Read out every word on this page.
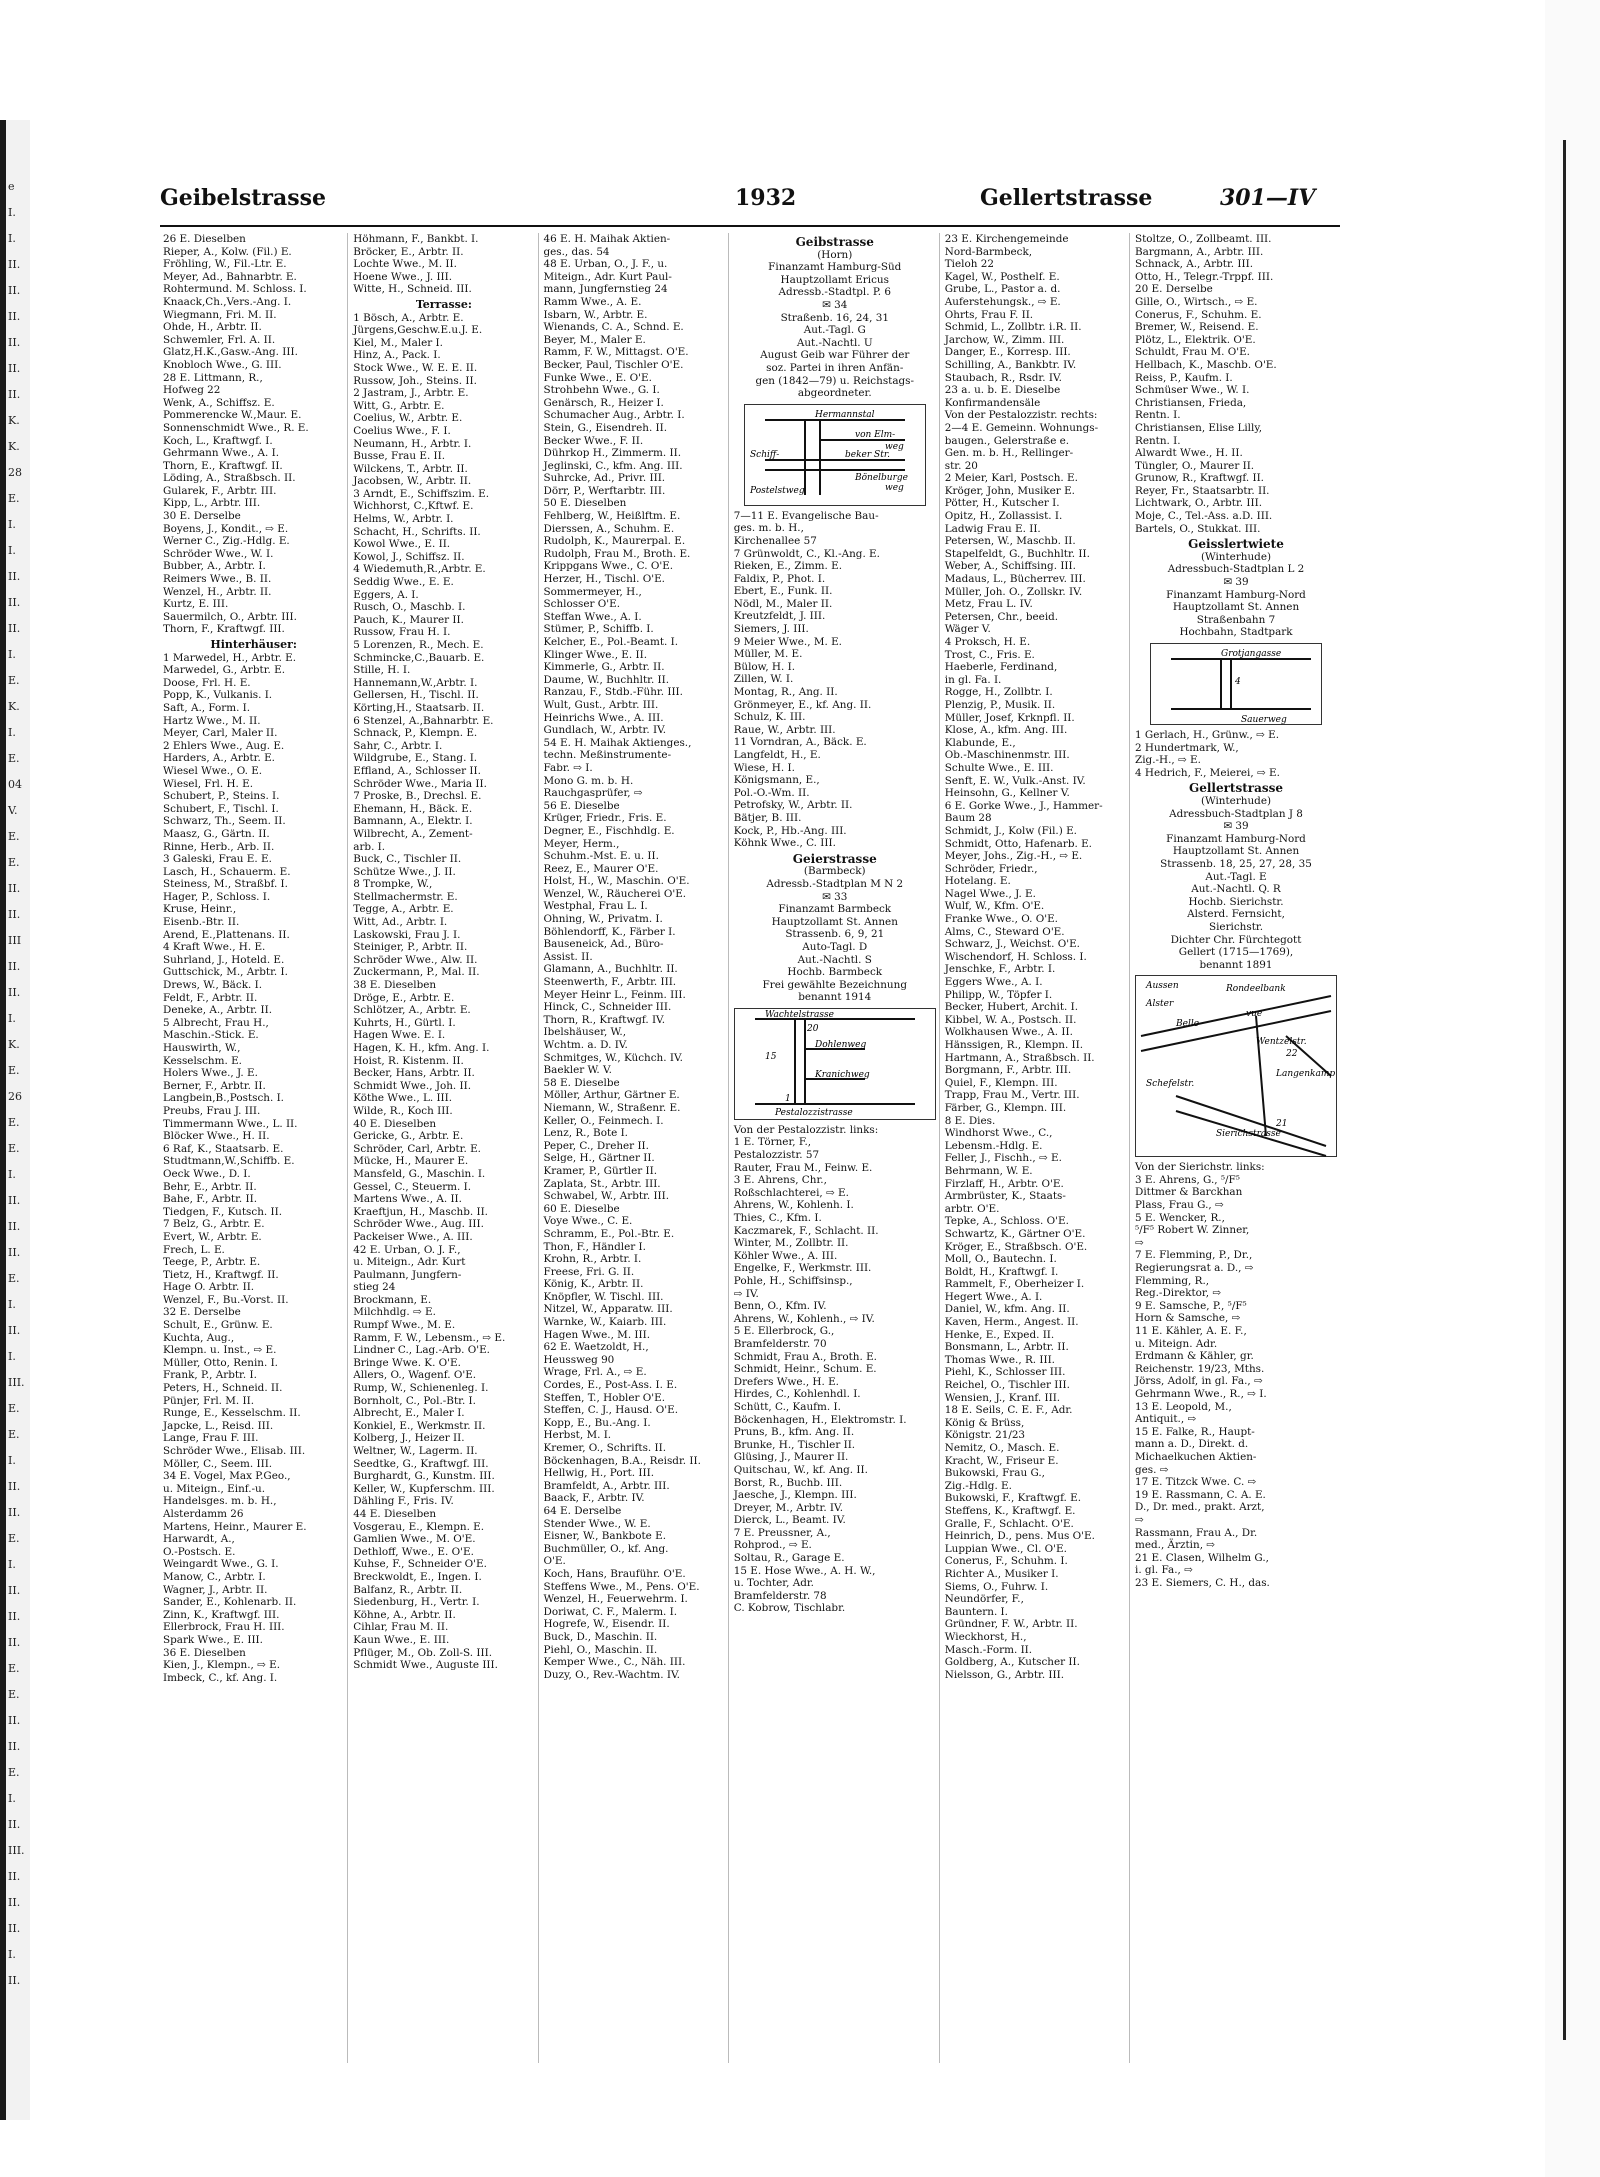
e
I.
I.
II.
II.
II.
II.
II.
II.
K.
K.
28
E.
I.
I.
II.
II.
II.
I.
E.
K.
I.
E.
04
V.
E.
E.
II.
II.
III
II.
II.
I.
K.
E.
26
E.
E.
I.
II.
II.
II.
E.
I.
II.
I.
III.
E.
E.
I.
II.
II.
E.
I.
II.
II.
II.
E.
E.
II.
II.
E.
I.
II.
III.
II.
II.
II.
I.
II.
Geibelstrasse	1932	Gellertstrasse	301—IV
26 E. Dieselben
Rieper, A., Kolw. (Fil.) E.
Fröhling, W., Fil.-Ltr. E.
Meyer, Ad., Bahnarbtr. E.
Rohtermund. M. Schloss. I.
Knaack,Ch.,Vers.-Ang. I.
Wiegmann, Fri. M. II.
Ohde, H., Arbtr. II.
Schwemler, Frl. A. II.
Glatz,H.K.,Gasw.-Ang. III.
Knobloch Wwe., G. III.
28 E. Littmann, R.,
Hofweg 22
Wenk, A., Schiffsz. E.
Pommerencke W.,Maur. E.
Sonnenschmidt Wwe., R. E.
Koch, L., Kraftwgf. I.
Gehrmann Wwe., A. I.
Thorn, E., Kraftwgf. II.
Löding, A., Straßbsch. II.
Gularek, F., Arbtr. III.
Kipp, L., Arbtr. III.
30 E. Derselbe
Boyens, J., Kondit., ⇨ E.
Werner C., Zig.-Hdlg. E.
Schröder Wwe., W. I.
Bubber, A., Arbtr. I.
Reimers Wwe., B. II.
Wenzel, H., Arbtr. II.
Kurtz, E. III.
Sauermilch, O., Arbtr. III.
Thorn, F., Kraftwgf. III.
Hinterhäuser:
1 Marwedel, H., Arbtr. E.
Marwedel, G., Arbtr. E.
Doose, Frl. H. E.
Popp, K., Vulkanis. I.
Saft, A., Form. I.
Hartz Wwe., M. II.
Meyer, Carl, Maler II.
2 Ehlers Wwe., Aug. E.
Harders, A., Arbtr. E.
Wiesel Wwe., O. E.
Wiesel, Frl. H. E.
Schubert, P., Steins. I.
Schubert, F., Tischl. I.
Schwarz, Th., Seem. II.
Maasz, G., Gärtn. II.
Rinne, Herb., Arb. II.
3 Galeski, Frau E. E.
Lasch, H., Schauerm. E.
Steiness, M., Straßbf. I.
Hager, P., Schloss. I.
Kruse, Heinr.,
Eisenb.-Btr. II.
Arend, E.,Plattenans. II.
4 Kraft Wwe., H. E.
Suhrland, J., Hoteld. E.
Guttschick, M., Arbtr. I.
Drews, W., Bäck. I.
Feldt, F., Arbtr. II.
Deneke, A., Arbtr. II.
5 Albrecht, Frau H.,
Maschin.-Stick. E.
Hauswirth, W.,
Kesselschm. E.
Holers Wwe., J. E.
Berner, F., Arbtr. II.
Langbein,B.,Postsch. I.
Preubs, Frau J. III.
Timmermann Wwe., L. II.
Blöcker Wwe., H. II.
6 Raf, K., Staatsarb. E.
Studtmann,W.,Schiffb. E.
Oeck Wwe., D. I.
Behr, E., Arbtr. II.
Bahe, F., Arbtr. II.
Tiedgen, F., Kutsch. II.
7 Belz, G., Arbtr. E.
Evert, W., Arbtr. E.
Frech, L. E.
Teege, P., Arbtr. E.
Tietz, H., Kraftwgf. II.
Hage O. Arbtr. II.
Wenzel, F., Bu.-Vorst. II.
32 E. Derselbe
Schult, E., Grünw. E.
Kuchta, Aug.,
Klempn. u. Inst., ⇨ E.
Müller, Otto, Renin. I.
Frank, P., Arbtr. I.
Peters, H., Schneid. II.
Pünjer, Frl. M. II.
Runge, E., Kesselschm. II.
Japcke, L., Reisd. III.
Lange, Frau F. III.
Schröder Wwe., Elisab. III.
Möller, C., Seem. III.
34 E. Vogel, Max P.Geo.,
u. Miteign., Einf.-u.
Handelsges. m. b. H.,
Alsterdamm 26
Martens, Heinr., Maurer E.
Harwardt, A.,
O.-Postsch. E.
Weingardt Wwe., G. I.
Manow, C., Arbtr. I.
Wagner, J., Arbtr. II.
Sander, E., Kohlenarb. II.
Zinn, K., Kraftwgf. III.
Ellerbrock, Frau H. III.
Spark Wwe., E. III.
36 E. Dieselben
Kien, J., Klempn., ⇨ E.
Imbeck, C., kf. Ang. I.
Höhmann, F., Bankbt. I.
Bröcker, E., Arbtr. II.
Lochte Wwe., M. II.
Hoene Wwe., J. III.
Witte, H., Schneid. III.
Terrasse:
1 Bösch, A., Arbtr. E.
Jürgens,Geschw.E.u.J. E.
Kiel, M., Maler I.
Hinz, A., Pack. I.
Stock Wwe., W. E. E. II.
Russow, Joh., Steins. II.
2 Jastram, J., Arbtr. E.
Witt, G., Arbtr. E.
Coelius, W., Arbtr. E.
Coelius Wwe., F. I.
Neumann, H., Arbtr. I.
Busse, Frau E. II.
Wilckens, T., Arbtr. II.
Jacobsen, W., Arbtr. II.
3 Arndt, E., Schiffszim. E.
Wichhorst, C.,Kftwf. E.
Helms, W., Arbtr. I.
Schacht, H., Schrifts. II.
Kowol Wwe., E. II.
Kowol, J., Schiffsz. II.
4 Wiedemuth,R.,Arbtr. E.
Seddig Wwe., E. E.
Eggers, A. I.
Rusch, O., Maschb. I.
Pauch, K., Maurer II.
Russow, Frau H. I.
5 Lorenzen, R., Mech. E.
Schmincke,C.,Bauarb. E.
Stille, H. I.
Hannemann,W.,Arbtr. I.
Gellersen, H., Tischl. II.
Körting,H., Staatsarb. II.
6 Stenzel, A.,Bahnarbtr. E.
Schnack, P., Klempn. E.
Sahr, C., Arbtr. I.
Wildgrube, E., Stang. I.
Effland, A., Schlosser II.
Schröder Wwe., Maria II.
7 Proske, B., Drechsl. E.
Ehemann, H., Bäck. E.
Bamnann, A., Elektr. I.
Wilbrecht, A., Zement-
arb. I.
Buck, C., Tischler II.
Schütze Wwe., J. II.
8 Trompke, W.,
Stellmachermstr. E.
Tegge, A., Arbtr. E.
Witt, Ad., Arbtr. I.
Laskowski, Frau J. I.
Steiniger, P., Arbtr. II.
Schröder Wwe., Alw. II.
Zuckermann, P., Mal. II.
38 E. Dieselben
Dröge, E., Arbtr. E.
Schlötzer, A., Arbtr. E.
Kuhrts, H., Gürtl. I.
Hagen Wwe. E. I.
Hagen, K. H., kfm. Ang. I.
Hoist, R. Kistenm. II.
Becker, Hans, Arbtr. II.
Schmidt Wwe., Joh. II.
Köthe Wwe., L. III.
Wilde, R., Koch III.
40 E. Dieselben
Gericke, G., Arbtr. E.
Schröder, Carl, Arbtr. E.
Mücke, H., Maurer E.
Mansfeld, G., Maschin. I.
Gessel, C., Steuerm. I.
Martens Wwe., A. II.
Kraeftjun, H., Maschb. II.
Schröder Wwe., Aug. III.
Packeiser Wwe., A. III.
42 E. Urban, O. J. F.,
u. Miteign., Adr. Kurt
Paulmann, Jungfern-
stieg 24
Brockmann, E.
Milchhdlg. ⇨ E.
Rumpf Wwe., M. E.
Ramm, F. W., Lebensm., ⇨ E.
Lindner C., Lag.-Arb. O'E.
Bringe Wwe. K. O'E.
Allers, O., Wagenf. O'E.
Rump, W., Schienenleg. I.
Bornholt, C., Pol.-Btr. I.
Albrecht, E., Maler I.
Konkiel, E., Werkmstr. II.
Kolberg, J., Heizer II.
Weltner, W., Lagerm. II.
Seedtke, G., Kraftwgf. III.
Burghardt, G., Kunstm. III.
Keller, W., Kupferschm. III.
Dähling F., Fris. IV.
44 E. Dieselben
Vosgerau, E., Klempn. E.
Gamlien Wwe., M. O'E.
Dethloff, Wwe., E. O'E.
Kuhse, F., Schneider O'E.
Breckwoldt, E., Ingen. I.
Balfanz, R., Arbtr. II.
Siedenburg, H., Vertr. I.
Köhne, A., Arbtr. II.
Cihlar, Frau M. II.
Kaun Wwe., E. III.
Pflüger, M., Ob. Zoll-S. III.
Schmidt Wwe., Auguste III.
46 E. H. Maihak Aktien-
ges., das. 54
48 E. Urban, O., J. F., u.
Miteign., Adr. Kurt Paul-
mann, Jungfernstieg 24
Ramm Wwe., A. E.
Isbarn, W., Arbtr. E.
Wienands, C. A., Schnd. E.
Beyer, M., Maler E.
Ramm, F. W., Mittagst. O'E.
Becker, Paul, Tischler O'E.
Funke Wwe., E. O'E.
Strohbehn Wwe., G. I.
Genärsch, R., Heizer I.
Schumacher Aug., Arbtr. I.
Stein, G., Eisendreh. II.
Becker Wwe., F. II.
Dührkop H., Zimmerm. II.
Jeglinski, C., kfm. Ang. III.
Suhrcke, Ad., Privr. III.
Dörr, P., Werftarbtr. III.
50 E. Dieselben
Fehlberg, W., Heißlftm. E.
Dierssen, A., Schuhm. E.
Rudolph, K., Maurerpal. E.
Rudolph, Frau M., Broth. E.
Krippgans Wwe., C. O'E.
Herzer, H., Tischl. O'E.
Sommermeyer, H.,
Schlosser O'E.
Steffan Wwe., A. I.
Stümer, P., Schiffb. I.
Kelcher, E., Pol.-Beamt. I.
Klinger Wwe., E. II.
Kimmerle, G., Arbtr. II.
Daume, W., Buchhltr. II.
Ranzau, F., Stdb.-Führ. III.
Wult, Gust., Arbtr. III.
Heinrichs Wwe., A. III.
Gundlach, W., Arbtr. IV.
54 E. H. Maihak Aktienges.,
techn. Meßinstrumente-
Fabr. ⇨ I.
Mono G. m. b. H.
Rauchgasprüfer, ⇨
56 E. Dieselbe
Krüger, Friedr., Fris. E.
Degner, E., Fischhdlg. E.
Meyer, Herm.,
Schuhm.-Mst. E. u. II.
Reez, E., Maurer O'E.
Holst, H., W., Maschin. O'E.
Wenzel, W., Räucherei O'E.
Westphal, Frau L. I.
Ohning, W., Privatm. I.
Böhlendorff, K., Färber I.
Bauseneick, Ad., Büro-
Assist. II.
Glamann, A., Buchhltr. II.
Steenwerth, F., Arbtr. III.
Meyer Heinr L., Feinm. III.
Hinck, C., Schneider III.
Thorn, R., Kraftwgf. IV.
Ibelshäuser, W.,
Wchtm. a. D. IV.
Schmitges, W., Küchch. IV.
Baekler W. V.
58 E. Dieselbe
Möller, Arthur, Gärtner E.
Niemann, W., Straßenr. E.
Keller, O., Feinmech. I.
Lenz, R., Bote I.
Peper, C., Dreher II.
Selge, H., Gärtner II.
Kramer, P., Gürtler II.
Zaplata, St., Arbtr. III.
Schwabel, W., Arbtr. III.
60 E. Dieselbe
Voye Wwe., C. E.
Schramm, E., Pol.-Btr. E.
Thon, F., Händler I.
Krohn, R., Arbtr. I.
Freese, Fri. G. II.
König, K., Arbtr. II.
Knöpfler, W. Tischl. III.
Nitzel, W., Apparatw. III.
Warnke, W., Kaiarb. III.
Hagen Wwe., M. III.
62 E. Waetzoldt, H.,
Heussweg 90
Wrage, Frl. A., ⇨ E.
Cordes, E., Post-Ass. I. E.
Steffen, T., Hobler O'E.
Steffen, C. J., Hausd. O'E.
Kopp, E., Bu.-Ang. I.
Herbst, M. I.
Kremer, O., Schrifts. II.
Böckenhagen, B.A., Reisdr. II.
Hellwig, H., Port. III.
Bramfeldt, A., Arbtr. III.
Baack, F., Arbtr. IV.
64 E. Derselbe
Stender Wwe., W. E.
Eisner, W., Bankbote E.
Buchmüller, O., kf. Ang.
O'E.
Koch, Hans, Brauführ. O'E.
Steffens Wwe., M., Pens. O'E.
Wenzel, H., Feuerwehrm. I.
Doriwat, C. F., Malerm. I.
Hogrefe, W., Eisendr. II.
Buck, D., Maschin. II.
Piehl, O., Maschin. II.
Kemper Wwe., C., Näh. III.
Duzy, O., Rev.-Wachtm. IV.
Geibstrasse
(Horn)
Finanzamt Hamburg-Süd
Hauptzollamt Ericus
Adressb.-Stadtpl. P. 6
✉ 34
Straßenb. 16, 24, 31
Aut.-Tagl. G
Aut.-Nachtl. U
August Geib war Führer der
soz. Partei in ihren Anfän-
gen (1842—79) u. Reichstags-
abgeordneter.
Hermannstal
Schiff-	beker Str.
von Elm-
weg
Bönelburge
weg
Postelstweg
7—11 E. Evangelische Bau-
ges. m. b. H.,
Kirchenallee 57
7 Grünwoldt, C., Kl.-Ang. E.
Rieken, E., Zimm. E.
Faldix, P., Phot. I.
Ebert, E., Funk. II.
Nödl, M., Maler II.
Kreutzfeldt, J. III.
Siemers, J. III.
9 Meier Wwe., M. E.
Müller, M. E.
Bülow, H. I.
Zillen, W. I.
Montag, R., Ang. II.
Grönmeyer, E., kf. Ang. II.
Schulz, K. III.
Raue, W., Arbtr. III.
11 Vorndran, A., Bäck. E.
Langfeldt, H., E.
Wiese, H. I.
Königsmann, E.,
Pol.-O.-Wm. II.
Petrofsky, W., Arbtr. II.
Bätjer, B. III.
Kock, P., Hb.-Ang. III.
Köhnk Wwe., C. III.
Geierstrasse
(Barmbeck)
Adressb.-Stadtplan M N 2
✉ 33
Finanzamt Barmbeck
Hauptzollamt St. Annen
Strassenb. 6, 9, 21
Auto-Tagl. D
Aut.-Nachtl. S
Hochb. Barmbeck
Frei gewählte Bezeichnung
benannt 1914
Wachtelstrasse
20
15
Dohlenweg
Kranichweg
1
Pestalozzistrasse
Von der Pestalozzistr. links:
1 E. Törner, F.,
Pestalozzistr. 57
Rauter, Frau M., Feinw. E.
3 E. Ahrens, Chr.,
Roßschlachterei, ⇨ E.
Ahrens, W., Kohlenh. I.
Thies, C., Kfm. I.
Kaczmarek, F., Schlacht. II.
Winter, M., Zollbtr. II.
Köhler Wwe., A. III.
Engelke, F., Werkmstr. III.
Pohle, H., Schiffsinsp.,
⇨ IV.
Benn, O., Kfm. IV.
Ahrens, W., Kohlenh., ⇨ IV.
5 E. Ellerbrock, G.,
Bramfelderstr. 70
Schmidt, Frau A., Broth. E.
Schmidt, Heinr., Schum. E.
Drefers Wwe., H. E.
Hirdes, C., Kohlenhdl. I.
Schütt, C., Kaufm. I.
Böckenhagen, H., Elektromstr. I.
Pruns, B., kfm. Ang. II.
Brunke, H., Tischler II.
Glüsing, J., Maurer II.
Quitschau, W., kf. Ang. II.
Borst, R., Buchb. III.
Jaesche, J., Klempn. III.
Dreyer, M., Arbtr. IV.
Dierck, L., Beamt. IV.
7 E. Preussner, A.,
Rohprod., ⇨ E.
Soltau, R., Garage E.
15 E. Hose Wwe., A. H. W.,
u. Tochter, Adr.
Bramfelderstr. 78
C. Kobrow, Tischlabr.
23 E. Kirchengemeinde
Nord-Barmbeck,
Tieloh 22
Kagel, W., Posthelf. E.
Grube, L., Pastor a. d.
Auferstehungsk., ⇨ E.
Ohrts, Frau F. II.
Schmid, L., Zollbtr. i.R. II.
Jarchow, W., Zimm. III.
Danger, E., Korresp. III.
Schilling, A., Bankbtr. IV.
Staubach, R., Rsdr. IV.
23 a. u. b. E. Dieselbe
Konfirmandensäle
Von der Pestalozzistr. rechts:
2—4 E. Gemeinn. Wohnungs-
baugen., Gelerstraße e.
Gen. m. b. H., Rellinger-
str. 20
2 Meier, Karl, Postsch. E.
Kröger, John, Musiker E.
Pötter, H., Kutscher I.
Opitz, H., Zollassist. I.
Ladwig Frau E. II.
Petersen, W., Maschb. II.
Stapelfeldt, G., Buchhltr. II.
Weber, A., Schiffsing. III.
Madaus, L., Bücherrev. III.
Müller, Joh. O., Zollskr. IV.
Metz, Frau L. IV.
Petersen, Chr., beeid.
Wäger V.
4 Proksch, H. E.
Trost, C., Fris. E.
Haeberle, Ferdinand,
in gl. Fa. I.
Rogge, H., Zollbtr. I.
Plenzig, P., Musik. II.
Müller, Josef, Krknpfl. II.
Klose, A., kfm. Ang. III.
Klabunde, E.,
Ob.-Maschinenmstr. III.
Schulte Wwe., E. III.
Senft, E. W., Vulk.-Anst. IV.
Heinsohn, G., Kellner V.
6 E. Gorke Wwe., J., Hammer-
Baum 28
Schmidt, J., Kolw (Fil.) E.
Schmidt, Otto, Hafenarb. E.
Meyer, Johs., Zig.-H., ⇨ E.
Schröder, Friedr.,
Hotelang. E.
Nagel Wwe., J. E.
Wulf, W., Kfm. O'E.
Franke Wwe., O. O'E.
Alms, C., Steward O'E.
Schwarz, J., Weichst. O'E.
Wischendorf, H. Schloss. I.
Jenschke, F., Arbtr. I.
Eggers Wwe., A. I.
Philipp, W., Töpfer I.
Becker, Hubert, Archit. I.
Kibbel, W. A., Postsch. II.
Wolkhausen Wwe., A. II.
Hänssigen, R., Klempn. II.
Hartmann, A., Straßbsch. II.
Borgmann, F., Arbtr. III.
Quiel, F., Klempn. III.
Trapp, Frau M., Vertr. III.
Färber, G., Klempn. III.
8 E. Dies.
Windhorst Wwe., C.,
Lebensm.-Hdlg. E.
Feller, J., Fischh., ⇨ E.
Behrmann, W. E.
Firzlaff, H., Arbtr. O'E.
Armbrüster, K., Staats-
arbtr. O'E.
Tepke, A., Schloss. O'E.
Schwartz, K., Gärtner O'E.
Kröger, E., Straßbsch. O'E.
Moll, O., Bautechn. I.
Boldt, H., Kraftwgf. I.
Rammelt, F., Oberheizer I.
Hegert Wwe., A. I.
Daniel, W., kfm. Ang. II.
Kaven, Herm., Angest. II.
Henke, E., Exped. II.
Bonsmann, L., Arbtr. II.
Thomas Wwe., R. III.
Piehl, K., Schlosser III.
Reichel, O., Tischler III.
Wensien, J., Kranf. III.
18 E. Seils, C. E. F., Adr.
König & Brüss,
Königstr. 21/23
Nemitz, O., Masch. E.
Kracht, W., Friseur E.
Bukowski, Frau G.,
Zig.-Hdlg. E.
Bukowski, F., Kraftwgf. E.
Steffens, K., Kraftwgf. E.
Gralle, F., Schlacht. O'E.
Heinrich, D., pens. Mus O'E.
Luppian Wwe., Cl. O'E.
Conerus, F., Schuhm. I.
Richter A., Musiker I.
Siems, O., Fuhrw. I.
Neundörfer, F.,
Bauntern. I.
Gründner, F. W., Arbtr. II.
Wieckhorst, H.,
Masch.-Form. II.
Goldberg, A., Kutscher II.
Nielsson, G., Arbtr. III.
Stoltze, O., Zollbeamt. III.
Bargmann, A., Arbtr. III.
Schnack, A., Arbtr. III.
Otto, H., Telegr.-Trppf. III.
20 E. Derselbe
Gille, O., Wirtsch., ⇨ E.
Conerus, F., Schuhm. E.
Bremer, W., Reisend. E.
Plötz, L., Elektrik. O'E.
Schuldt, Frau M. O'E.
Hellbach, K., Maschb. O'E.
Reiss, P., Kaufm. I.
Schmüser Wwe., W. I.
Christiansen, Frieda,
Rentn. I.
Christiansen, Elise Lilly,
Rentn. I.
Alwardt Wwe., H. II.
Tüngler, O., Maurer II.
Grunow, R., Kraftwgf. II.
Reyer, Fr., Staatsarbtr. II.
Lichtwark, O., Arbtr. III.
Moje, C., Tel.-Ass. a.D. III.
Bartels, O., Stukkat. III.
Geisslertwiete
(Winterhude)
Adressbuch-Stadtplan L 2
✉ 39
Finanzamt Hamburg-Nord
Hauptzollamt St. Annen
Straßenbahn 7
Hochbahn, Stadtpark
Grotjangasse
Sauerweg
4
1 Gerlach, H., Grünw., ⇨ E.
2 Hundertmark, W.,
Zig.-H., ⇨ E.
4 Hedrich, F., Meierei, ⇨ E.
Gellertstrasse
(Winterhude)
Adressbuch-Stadtplan J 8
✉ 39
Finanzamt Hamburg-Nord
Hauptzollamt St. Annen
Strassenb. 18, 25, 27, 28, 35
Aut.-Tagl. E
Aut.-Nachtl. Q. R
Hochb. Sierichstr.
Alsterd. Fernsicht,
Sierichstr.
Dichter Chr. Fürchtegott
Gellert (1715—1769),
benannt 1891
Aussen
Alster
Rondeelbank
Belle
vue
Wentzelstr.
22
Langenkamp
Schefelstr.
Sierichstrasse
21
Von der Sierichstr. links:
3 E. Ahrens, G., ⁵/F⁵
Dittmer & Barckhan
Plass, Frau G., ⇨
5 E. Wencker, R.,
⁵/F⁵ Robert W. Zinner,
⇨
7 E. Flemming, P., Dr.,
Regierungsrat a. D., ⇨
Flemming, R.,
Reg.-Direktor, ⇨
9 E. Samsche, P., ⁵/F⁵
Horn & Samsche, ⇨
11 E. Kähler, A. E. F.,
u. Miteign. Adr.
Erdmann & Kähler, gr.
Reichenstr. 19/23, Mths.
Jörss, Adolf, in gl. Fa., ⇨
Gehrmann Wwe., R., ⇨ I.
13 E. Leopold, M.,
Antiquit., ⇨
15 E. Falke, R., Haupt-
mann a. D., Direkt. d.
Michaelkuchen Aktien-
ges. ⇨
17 E. Titzck Wwe. C. ⇨
19 E. Rassmann, C. A. E.
D., Dr. med., prakt. Arzt,
⇨
Rassmann, Frau A., Dr.
med., Ärztin, ⇨
21 E. Clasen, Wilhelm G.,
i. gl. Fa., ⇨
23 E. Siemers, C. H., das.
